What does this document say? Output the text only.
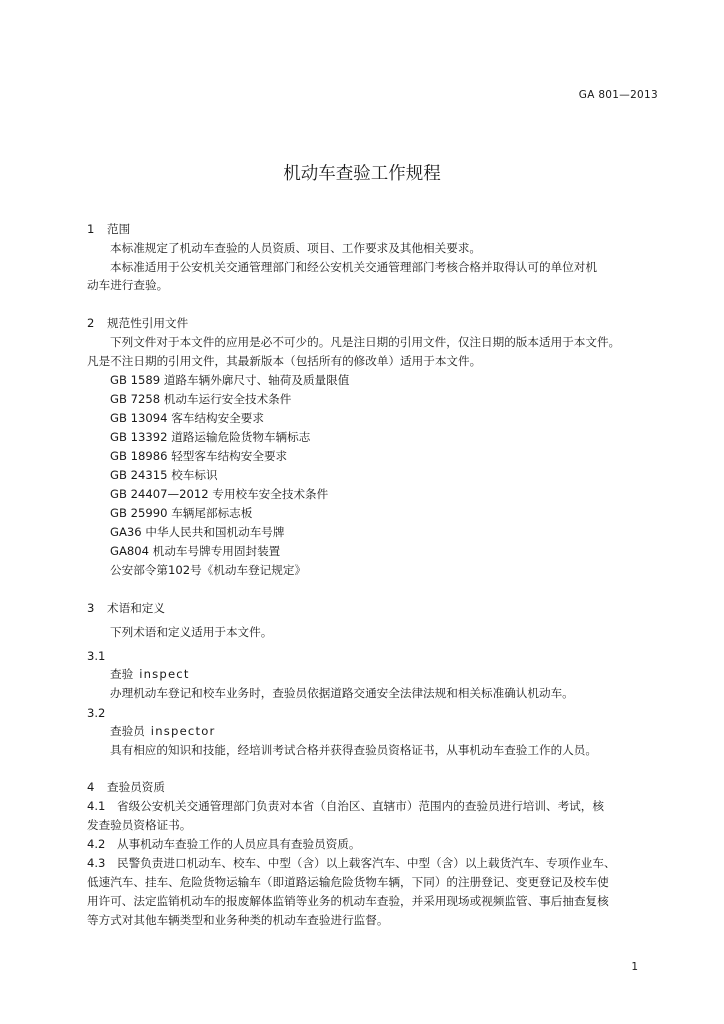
GA 801—2013
机动车查验工作规程
1 范围
本标准规定了机动车查验的人员资质、项目、工作要求及其他相关要求。
本标准适用于公安机关交通管理部门和经公安机关交通管理部门考核合格并取得认可的单位对机
动车进行查验。
2 规范性引用文件
下列文件对于本文件的应用是必不可少的。凡是注日期的引用文件，仅注日期的版本适用于本文件。
凡是不注日期的引用文件，其最新版本（包括所有的修改单）适用于本文件。
GB 1589 道路车辆外廓尺寸、轴荷及质量限值
GB 7258 机动车运行安全技术条件
GB 13094 客车结构安全要求
GB 13392 道路运输危险货物车辆标志
GB 18986 轻型客车结构安全要求
GB 24315 校车标识
GB 24407—2012 专用校车安全技术条件
GB 25990 车辆尾部标志板
GA36 中华人民共和国机动车号牌
GA804 机动车号牌专用固封装置
公安部令第102号《机动车登记规定》
3 术语和定义
下列术语和定义适用于本文件。
3.1
查验 inspect
办理机动车登记和校车业务时，查验员依据道路交通安全法律法规和相关标准确认机动车。
3.2
查验员 inspector
具有相应的知识和技能，经培训考试合格并获得查验员资格证书，从事机动车查验工作的人员。
4 查验员资质
4.1 省级公安机关交通管理部门负责对本省（自治区、直辖市）范围内的查验员进行培训、考试，核
发查验员资格证书。
4.2 从事机动车查验工作的人员应具有查验员资质。
4.3 民警负责进口机动车、校车、中型（含）以上载客汽车、中型（含）以上载货汽车、专项作业车、
低速汽车、挂车、危险货物运输车（即道路运输危险货物车辆，下同）的注册登记、变更登记及校车使
用许可、法定监销机动车的报废解体监销等业务的机动车查验，并采用现场或视频监管、事后抽查复核
等方式对其他车辆类型和业务种类的机动车查验进行监督。
1
